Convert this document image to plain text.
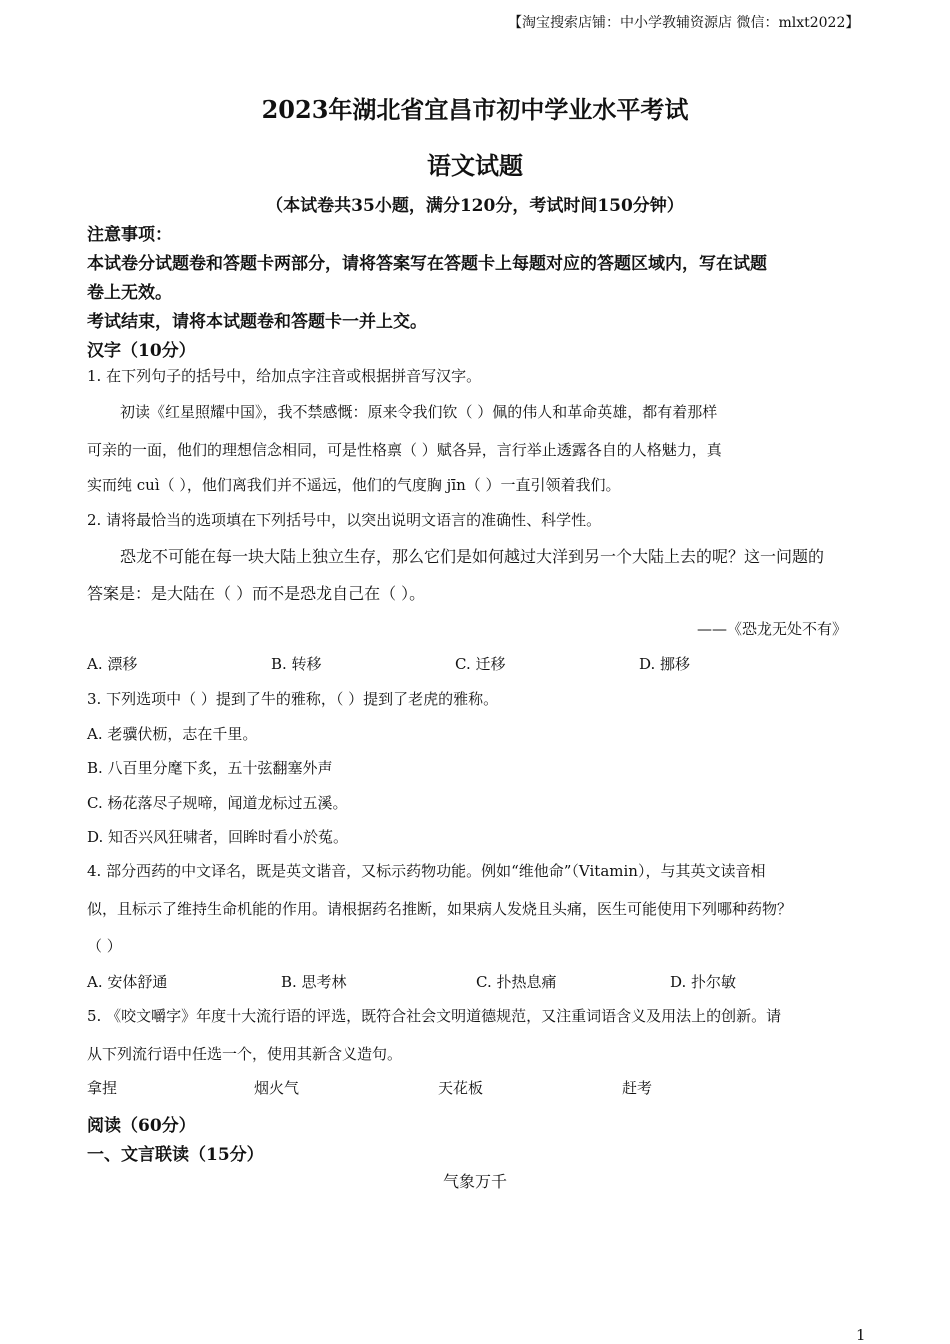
【淘宝搜索店铺：中小学教辅资源店 微信：mlxt2022】
2023年湖北省宜昌市初中学业水平考试
语文试题
（本试卷共35小题，满分120分，考试时间150分钟）
注意事项：
本试卷分试题卷和答题卡两部分，请将答案写在答题卡上每题对应的答题区域内，写在试题
卷上无效。
考试结束，请将本试题卷和答题卡一并上交。
汉字（10分）
1. 在下列句子的括号中，给加点字注音或根据拼音写汉字。
初读《红星照耀中国》，我不禁感慨：原来令我们钦（ ）佩的伟人和革命英雄，都有着那样
可亲的一面，他们的理想信念相同，可是性格禀（ ）赋各异，言行举止透露各自的人格魅力，真
实而纯 cuì（ ），他们离我们并不遥远，他们的气度胸 jīn（ ）一直引领着我们。
2. 请将最恰当的选项填在下列括号中，以突出说明文语言的准确性、科学性。
恐龙不可能在每一块大陆上独立生存，那么它们是如何越过大洋到另一个大陆上去的呢？这一问题的
答案是：是大陆在（ ）而不是恐龙自己在（ ）。
——《恐龙无处不有》
A. 漂移	B. 转移	C. 迁移	D. 挪移
3. 下列选项中（ ）提到了牛的雅称，（ ）提到了老虎的雅称。
A. 老骥伏枥，志在千里。
B. 八百里分麾下炙，五十弦翻塞外声
C. 杨花落尽子规啼，闻道龙标过五溪。
D. 知否兴风狂啸者，回眸时看小於菟。
4. 部分西药的中文译名，既是英文谐音，又标示药物功能。例如“维他命”（Vitamin），与其英文读音相
似，且标示了维持生命机能的作用。请根据药名推断，如果病人发烧且头痛，医生可能使用下列哪种药物？
（ ）
A. 安体舒通	B. 思考林	C. 扑热息痛	D. 扑尔敏
5. 《咬文嚼字》年度十大流行语的评选，既符合社会文明道德规范，又注重词语含义及用法上的创新。请
从下列流行语中任选一个，使用其新含义造句。
拿捏	烟火气	天花板	赶考
阅读（60分）
一、文言联读（15分）
气象万千
1
